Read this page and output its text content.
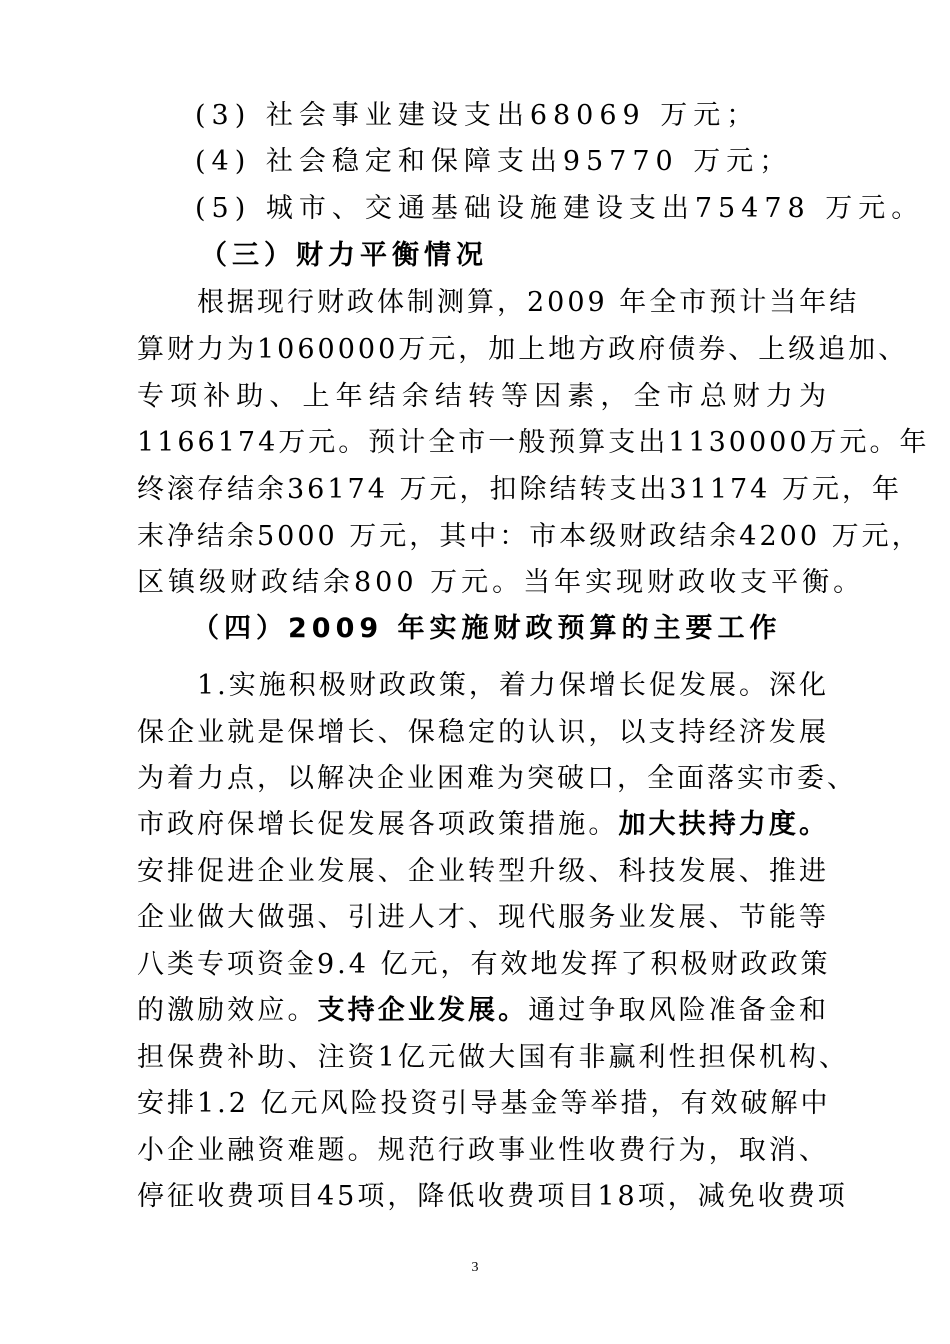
(3) 社会事业建设支出68069 万元；
(4) 社会稳定和保障支出95770 万元；
(5) 城市、交通基础设施建设支出75478 万元。
（三）财力平衡情况
根据现行财政体制测算，2009 年全市预计当年结
算财力为1060000万元，加上地方政府债券、上级追加、
专项补助、上年结余结转等因素，全市总财力为
1166174万元。预计全市一般预算支出1130000万元。年
终滚存结余36174 万元，扣除结转支出31174 万元，年
末净结余5000 万元，其中：市本级财政结余4200 万元，
区镇级财政结余800 万元。当年实现财政收支平衡。
（四）2009 年实施财政预算的主要工作
1.实施积极财政政策，着力保增长促发展。深化
保企业就是保增长、保稳定的认识，以支持经济发展
为着力点，以解决企业困难为突破口，全面落实市委、
市政府保增长促发展各项政策措施。加大扶持力度。
安排促进企业发展、企业转型升级、科技发展、推进
企业做大做强、引进人才、现代服务业发展、节能等
八类专项资金9.4 亿元，有效地发挥了积极财政政策
的激励效应。支持企业发展。通过争取风险准备金和
担保费补助、注资1亿元做大国有非赢利性担保机构、
安排1.2 亿元风险投资引导基金等举措，有效破解中
小企业融资难题。规范行政事业性收费行为，取消、
停征收费项目45项，降低收费项目18项，减免收费项
3
